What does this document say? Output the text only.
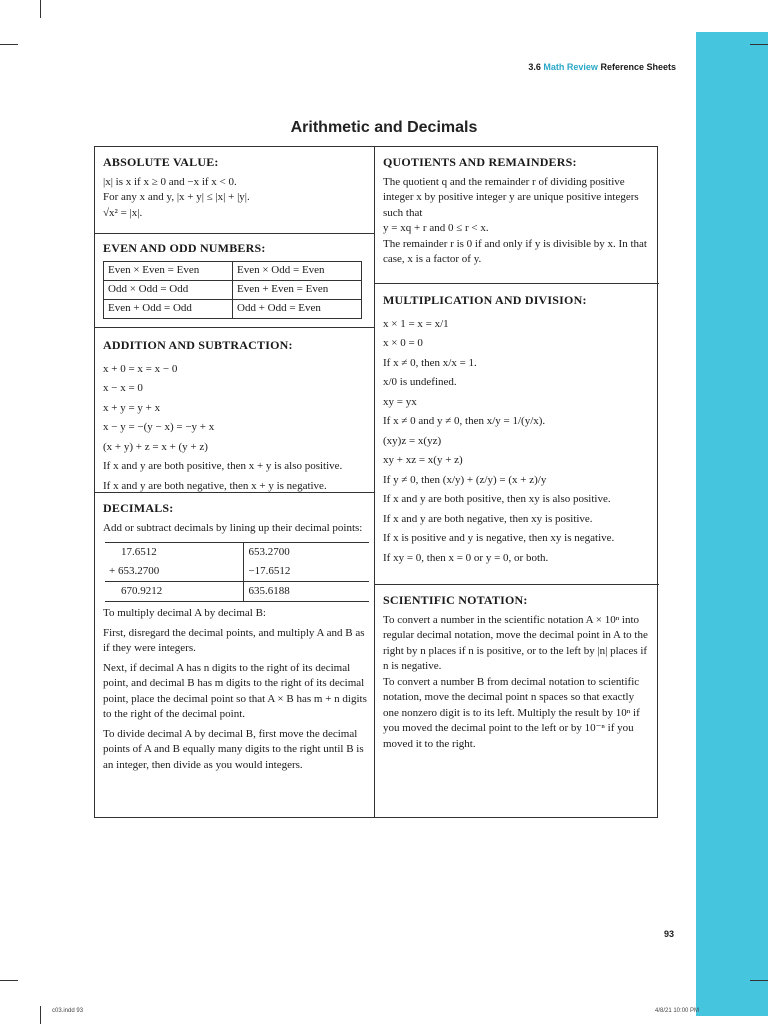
3.6 Math Review Reference Sheets
Arithmetic and Decimals
ABSOLUTE VALUE:

|x| is x if x ≥ 0 and −x if x < 0.

For any x and y, |x + y| ≤ |x| + |y|.

√x² = |x|.

EVEN AND ODD NUMBERS:
Even × Even = Even	Even × Odd = Even
Odd × Odd = Odd	Even + Even = Even
Even + Odd = Odd	Odd + Odd = Even
ADDITION AND SUBTRACTION:

x + 0 = x = x − 0

x − x = 0

x + y = y + x

x − y = −(y − x) = −y + x

(x + y) + z = x + (y + z)

If x and y are both positive, then x + y is also positive.

If x and y are both negative, then x + y is negative.

DECIMALS:

Add or subtract decimals by lining up their decimal points:

17.6512	653.2700
+ 653.2700	−17.6512
670.9212	635.6188

To multiply decimal A by decimal B:

First, disregard the decimal points, and multiply A and B as if they were integers.

Next, if decimal A has n digits to the right of its decimal point, and decimal B has m digits to the right of its decimal point, place the decimal point so that A × B has m + n digits to the right of the decimal point.

To divide decimal A by decimal B, first move the decimal points of A and B equally many digits to the right until B is an integer, then divide as you would integers.

QUOTIENTS AND REMAINDERS:

The quotient q and the remainder r of dividing positive integer x by positive integer y are unique positive integers such that

y = xq + r and 0 ≤ r < x.

The remainder r is 0 if and only if y is divisible by x. In that case, x is a factor of y.

MULTIPLICATION AND DIVISION:

x × 1 = x = x/1

x × 0 = 0

If x ≠ 0, then x/x = 1.

x/0 is undefined.

xy = yx

If x ≠ 0 and y ≠ 0, then x/y = 1/(y/x).

(xy)z = x(yz)

xy + xz = x(y + z)

If y ≠ 0, then (x/y) + (z/y) = (x + z)/y

If x and y are both positive, then xy is also positive.

If x and y are both negative, then xy is positive.

If x is positive and y is negative, then xy is negative.

If xy = 0, then x = 0 or y = 0, or both.

SCIENTIFIC NOTATION:

To convert a number in the scientific notation A × 10ⁿ into regular decimal notation, move the decimal point in A to the right by n places if n is positive, or to the left by |n| places if n is negative.

To convert a number B from decimal notation to scientific notation, move the decimal point n spaces so that exactly one nonzero digit is to its left. Multiply the result by 10ⁿ if you moved the decimal point to the left or by 10⁻ⁿ if you moved it to the right.

93
c03.indd 93	4/8/21 10:00 PM
